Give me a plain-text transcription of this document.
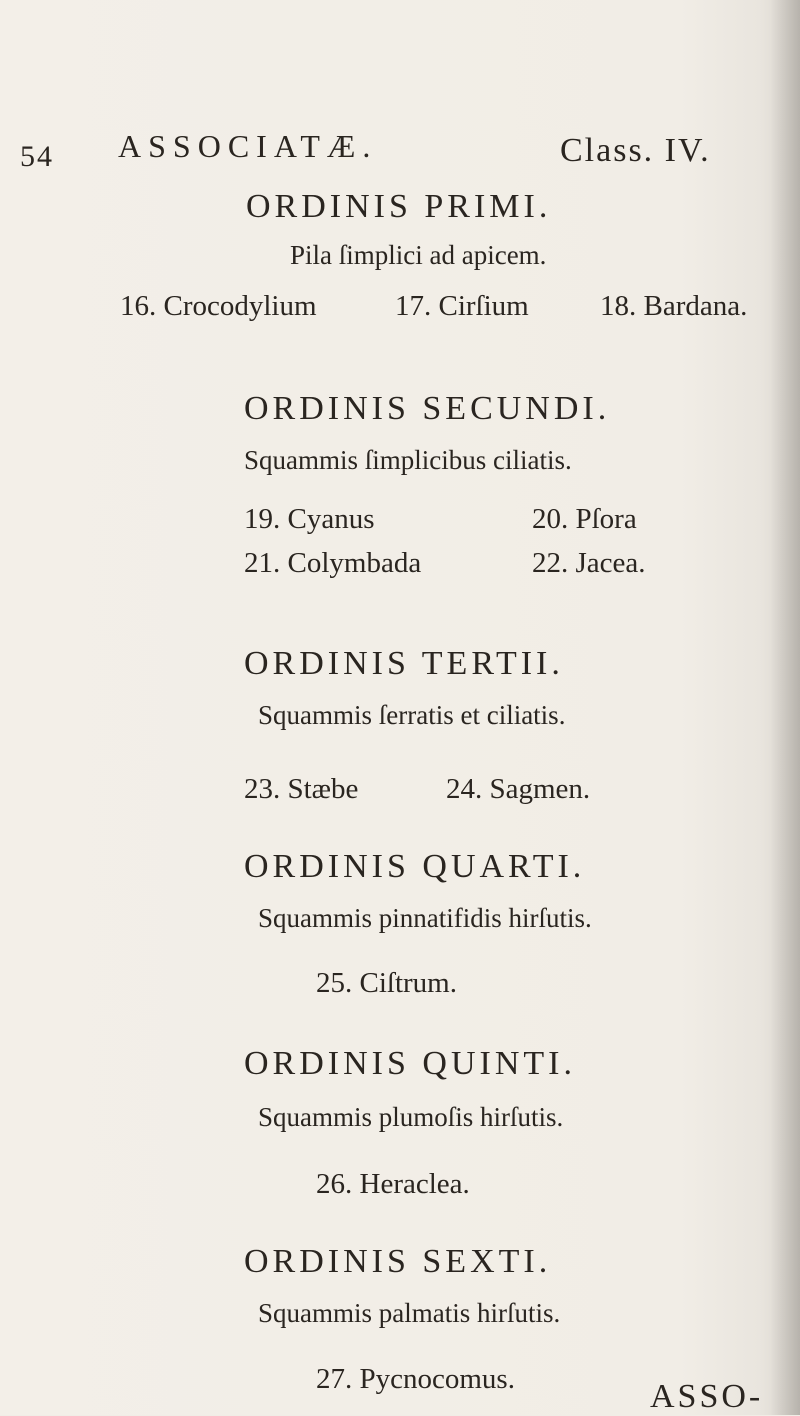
54 ASSOCIATÆ.	Class. IV.
ORDINIS PRIMI.
Pila ſimplici ad apicem.
16. Crocodylium	17. Cirſium 18. Bardana.
ORDINIS SECUNDI.
Squammis ſimplicibus ciliatis.
19. Cyanus	20. Pſora
21. Colymbada	22. Jacea.
ORDINIS TERTII.
Squammis ſerratis et ciliatis.
23. Stæbe	24. Sagmen.
ORDINIS QUARTI.
Squammis pinnatifidis hirſutis.
25. Ciſtrum.
ORDINIS QUINTI.
Squammis plumoſis hirſutis.
26. Heraclea.
ORDINIS SEXTI.
Squammis palmatis hirſutis.
27. Pycnocomus.	ASSO-
